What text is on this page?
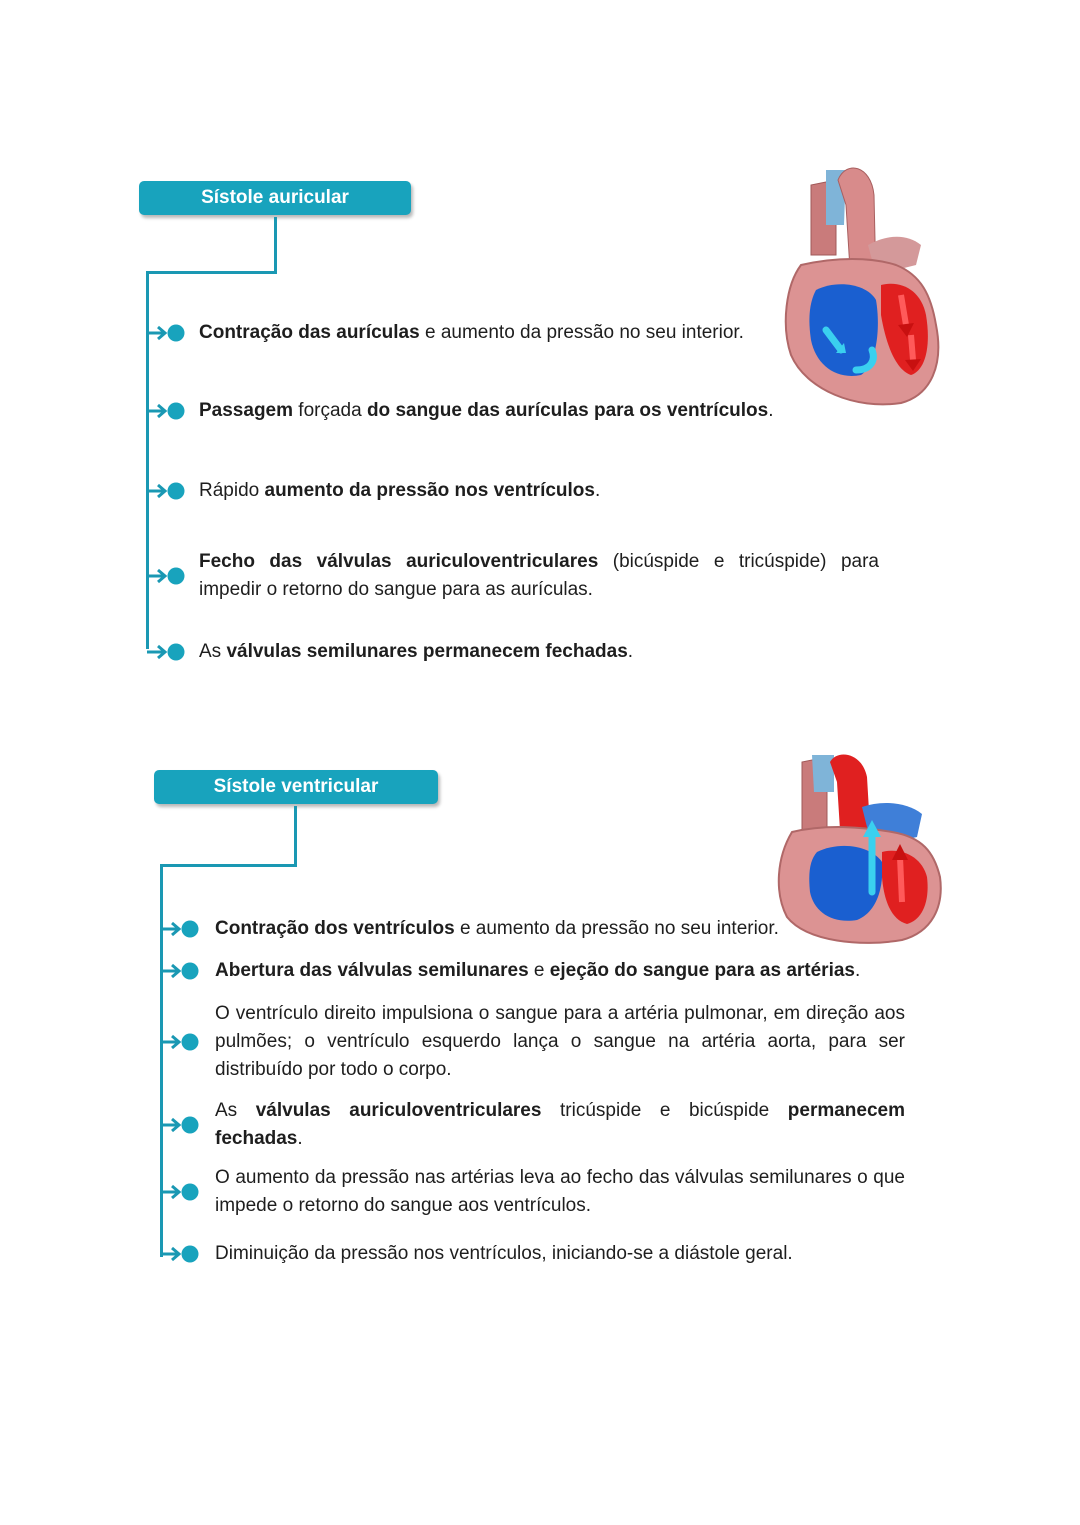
Sístole auricular
Contração das aurículas e aumento da pressão no seu interior.
Passagem forçada do sangue das aurículas para os ventrículos.
Rápido aumento da pressão nos ventrículos.
Fecho das válvulas auriculoventriculares (bicúspide e tricúspide) para impedir o retorno do sangue para as aurículas.
As válvulas semilunares permanecem fechadas.
Sístole ventricular
Contração dos ventrículos e aumento da pressão no seu interior.
Abertura das válvulas semilunares e ejeção do sangue para as artérias.
O ventrículo direito impulsiona o sangue para a artéria pulmonar, em direção aos pulmões; o ventrículo esquerdo lança o sangue na artéria aorta, para ser distribuído por todo o corpo.
As válvulas auriculoventriculares tricúspide e bicúspide permanecem fechadas.
O aumento da pressão nas artérias leva ao fecho das válvulas semilunares o que impede o retorno do sangue aos ventrículos.
Diminuição da pressão nos ventrículos, iniciando-se a diástole geral.
